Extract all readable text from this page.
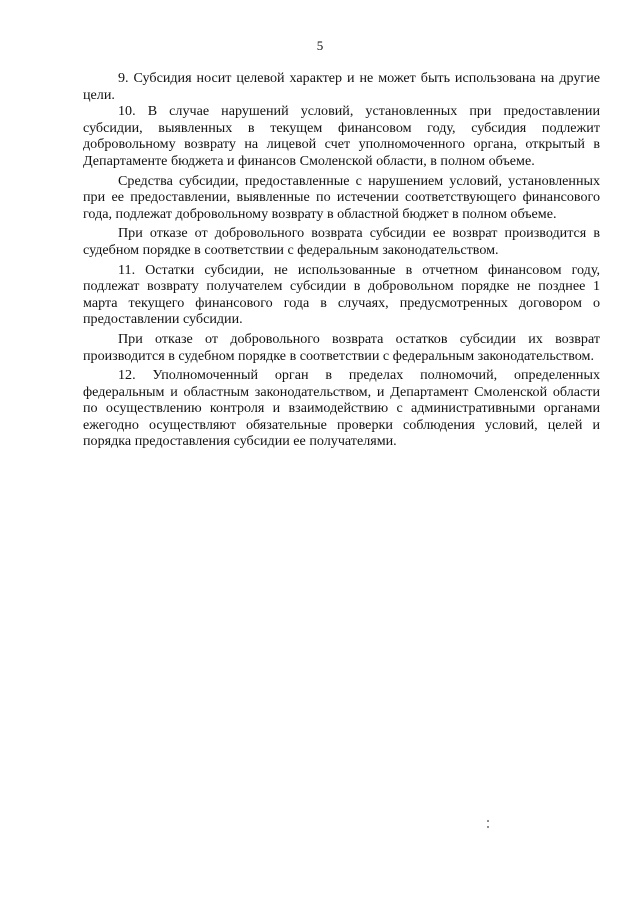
5

9. Субсидия носит целевой характер и не может быть использована на другие цели.

10. В случае нарушений условий, установленных при предоставлении субсидии, выявленных в текущем финансовом году, субсидия подлежит добровольному возврату на лицевой счет уполномоченного органа, открытый в Департаменте бюджета и финансов Смоленской области, в полном объеме.

Средства субсидии, предоставленные с нарушением условий, установленных при ее предоставлении, выявленные по истечении соответствующего финансового года, подлежат добровольному возврату в областной бюджет в полном объеме.

При отказе от добровольного возврата субсидии ее возврат производится в судебном порядке в соответствии с федеральным законодательством.

11. Остатки субсидии, не использованные в отчетном финансовом году, подлежат возврату получателем субсидии в добровольном порядке не позднее 1 марта текущего финансового года в случаях, предусмотренных договором о предоставлении субсидии.

При отказе от добровольного возврата остатков субсидии их возврат производится в судебном порядке в соответствии с федеральным законодательством.

12. Уполномоченный орган в пределах полномочий, определенных федеральным и областным законодательством, и Департамент Смоленской области по осуществлению контроля и взаимодействию с административными органами ежегодно осуществляют обязательные проверки соблюдения условий, целей и порядка предоставления субсидии ее получателями.
